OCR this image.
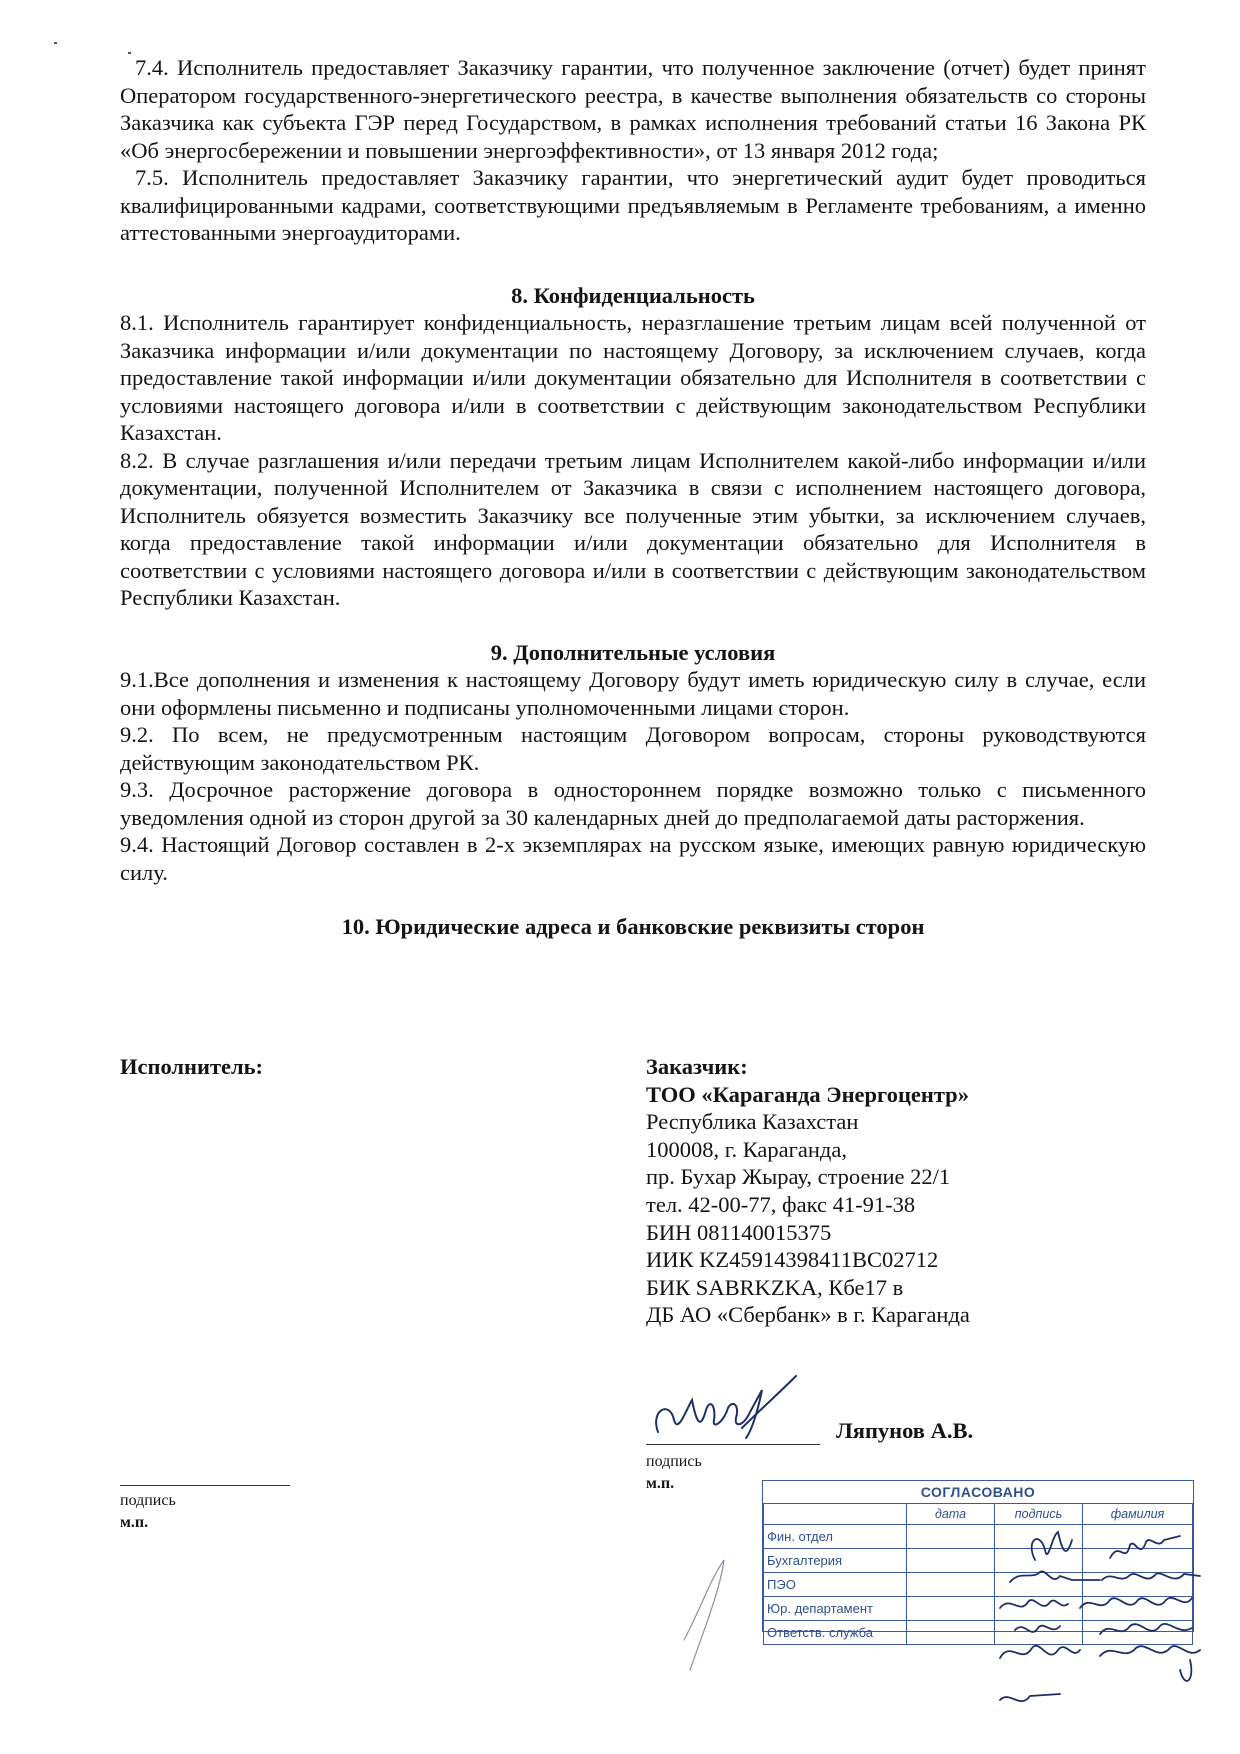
7.4. Исполнитель предоставляет Заказчику гарантии, что полученное заключение (отчет) будет принят Оператором государственного-энергетического реестра, в качестве выполнения обязательств со стороны Заказчика как субъекта ГЭР перед Государством, в рамках исполнения требований статьи 16 Закона РК «Об энергосбережении и повышении энергоэффективности», от 13 января 2012 года;

7.5. Исполнитель предоставляет Заказчику гарантии, что энергетический аудит будет проводиться квалифицированными кадрами, соответствующими предъявляемым в Регламенте требованиям, а именно аттестованными энергоаудиторами.

8. Конфиденциальность

8.1. Исполнитель гарантирует конфиденциальность, неразглашение третьим лицам всей полученной от Заказчика информации и/или документации по настоящему Договору, за исключением случаев, когда предоставление такой информации и/или документации обязательно для Исполнителя в соответствии с условиями настоящего договора и/или в соответствии с действующим законодательством Республики Казахстан.

8.2. В случае разглашения и/или передачи третьим лицам Исполнителем какой-либо информации и/или документации, полученной Исполнителем от Заказчика в связи с исполнением настоящего договора, Исполнитель обязуется возместить Заказчику все полученные этим убытки, за исключением случаев, когда предоставление такой информации и/или документации обязательно для Исполнителя в соответствии с условиями настоящего договора и/или в соответствии с действующим законодательством Республики Казахстан.

9. Дополнительные условия

9.1.Все дополнения и изменения к настоящему Договору будут иметь юридическую силу в случае, если они оформлены письменно и подписаны уполномоченными лицами сторон.

9.2. По всем, не предусмотренным настоящим Договором вопросам, стороны руководствуются действующим законодательством РК.

9.3. Досрочное расторжение договора в одностороннем порядке возможно только с письменного уведомления одной из сторон другой за 30 календарных дней до предполагаемой даты расторжения.

9.4. Настоящий Договор составлен в 2-х экземплярах на русском языке, имеющих равную юридическую силу.

10. Юридические адреса и банковские реквизиты сторон

Исполнитель:	Заказчик:
ТОО «Караганда Энергоцентр»
Республика Казахстан
100008, г. Караганда,
пр. Бухар Жырау, строение 22/1
тел. 42-00-77, факс 41-91-38
БИН 081140015375
ИИК KZ45914398411BC02712
БИК SABRKZKA, Кбе17 в
ДБ АО «Сбербанк» в г. Караганда
Ляпунов А.В.
подпись
м.п.
подпись
м.п.
СОГЛАСОВАНО
	дата	подпись	фамилия
Фин. отдел			
Бухгалтерия			
ПЭО			
Юр. департамент			
Ответств. служба			
